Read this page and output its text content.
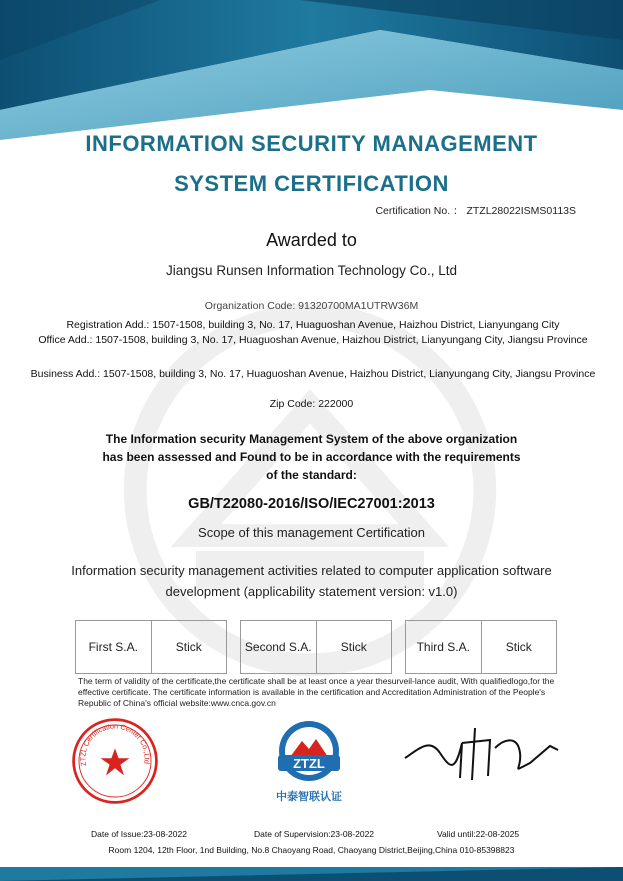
INFORMATION SECURITY MANAGEMENT
SYSTEM CERTIFICATION
Certification No. ： ZTZL28022ISMS0113S
Awarded to
Jiangsu Runsen Information Technology Co., Ltd
Organization Code: 91320700MA1UTRW36M
Registration Add.: 1507-1508, building 3, No. 17, Huaguoshan Avenue, Haizhou District, Lianyungang City
Office Add.: 1507-1508, building 3, No. 17, Huaguoshan Avenue, Haizhou District, Lianyungang City, Jiangsu Province
Business Add.: 1507-1508, building 3, No. 17, Huaguoshan Avenue, Haizhou District, Lianyungang City, Jiangsu Province
Zip Code: 222000
The Information security Management System of the above organization has been assessed and Found to be in accordance with the requirements of the standard:
GB/T22080-2016/ISO/IEC27001:2013
Scope of this management Certification
Information security management activities related to computer application software development (applicability statement version: v1.0)
First S.A.	Stick	Second S.A.	Stick	Third S.A.	Stick
The term of validity of the certificate,the certificate shall be at least once a year thesurveil-lance audit, With qualifiedlogo,for the effective certificate. The certificate information is available in the certification and Accreditation Administration of the People's Republic of China's official website:www.cnca.gov.cn
ZTZL Certification Center Co.,Ltd	ZTZL
中泰智联认证
Date of Issue:23-08-2022	Date of Supervision:23-08-2022	Valid until:22-08-2025
Room 1204, 12th Floor, 1nd Building, No.8 Chaoyang Road, Chaoyang District,Beijing,China 010-85398823
